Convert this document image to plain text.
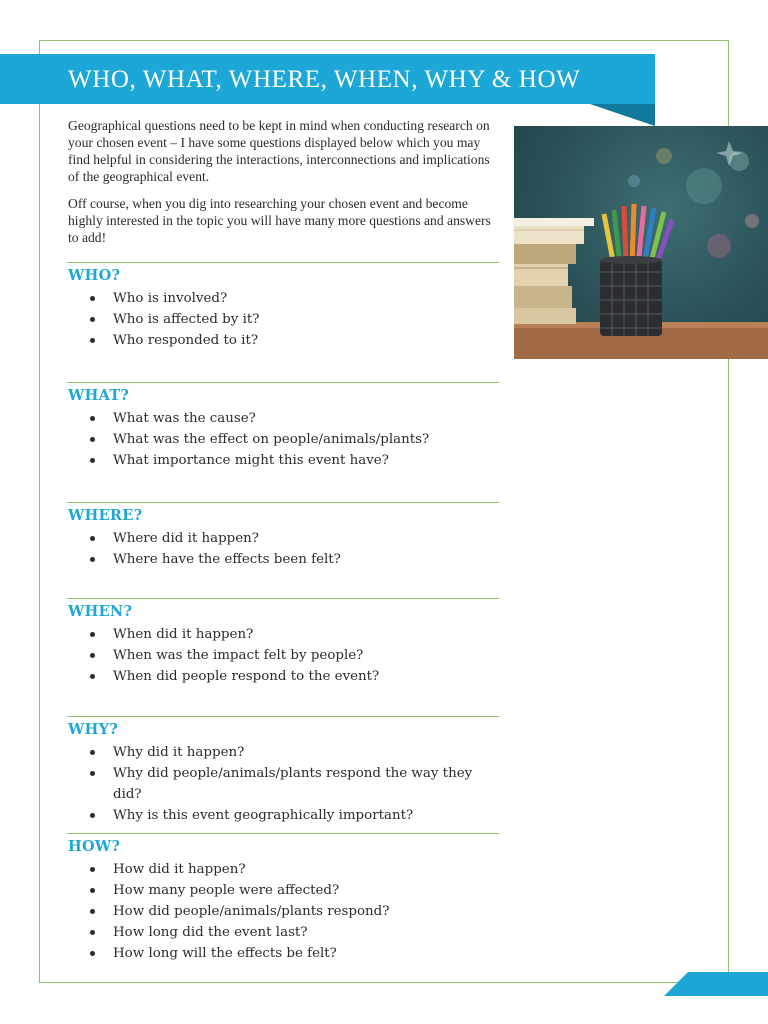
WHO, WHAT, WHERE, WHEN, WHY & HOW

Geographical questions need to be kept in mind when conducting research on your chosen event – I have some questions displayed below which you may find helpful in considering the interactions, interconnections and implications of the geographical event.

Off course, when you dig into researching your chosen event and become highly interested in the topic you will have many more questions and answers to add!

WHO?
Who is involved?
Who is affected by it?
Who responded to it?
WHAT?
What was the cause?
What was the effect on people/animals/plants?
What importance might this event have?
WHERE?
Where did it happen?
Where have the effects been felt?
WHEN?
When did it happen?
When was the impact felt by people?
When did people respond to the event?
WHY?
Why did it happen?
Why did people/animals/plants respond the way they did?
Why is this event geographically important?
HOW?
How did it happen?
How many people were affected?
How did people/animals/plants respond?
How long did the event last?
How long will the effects be felt?
